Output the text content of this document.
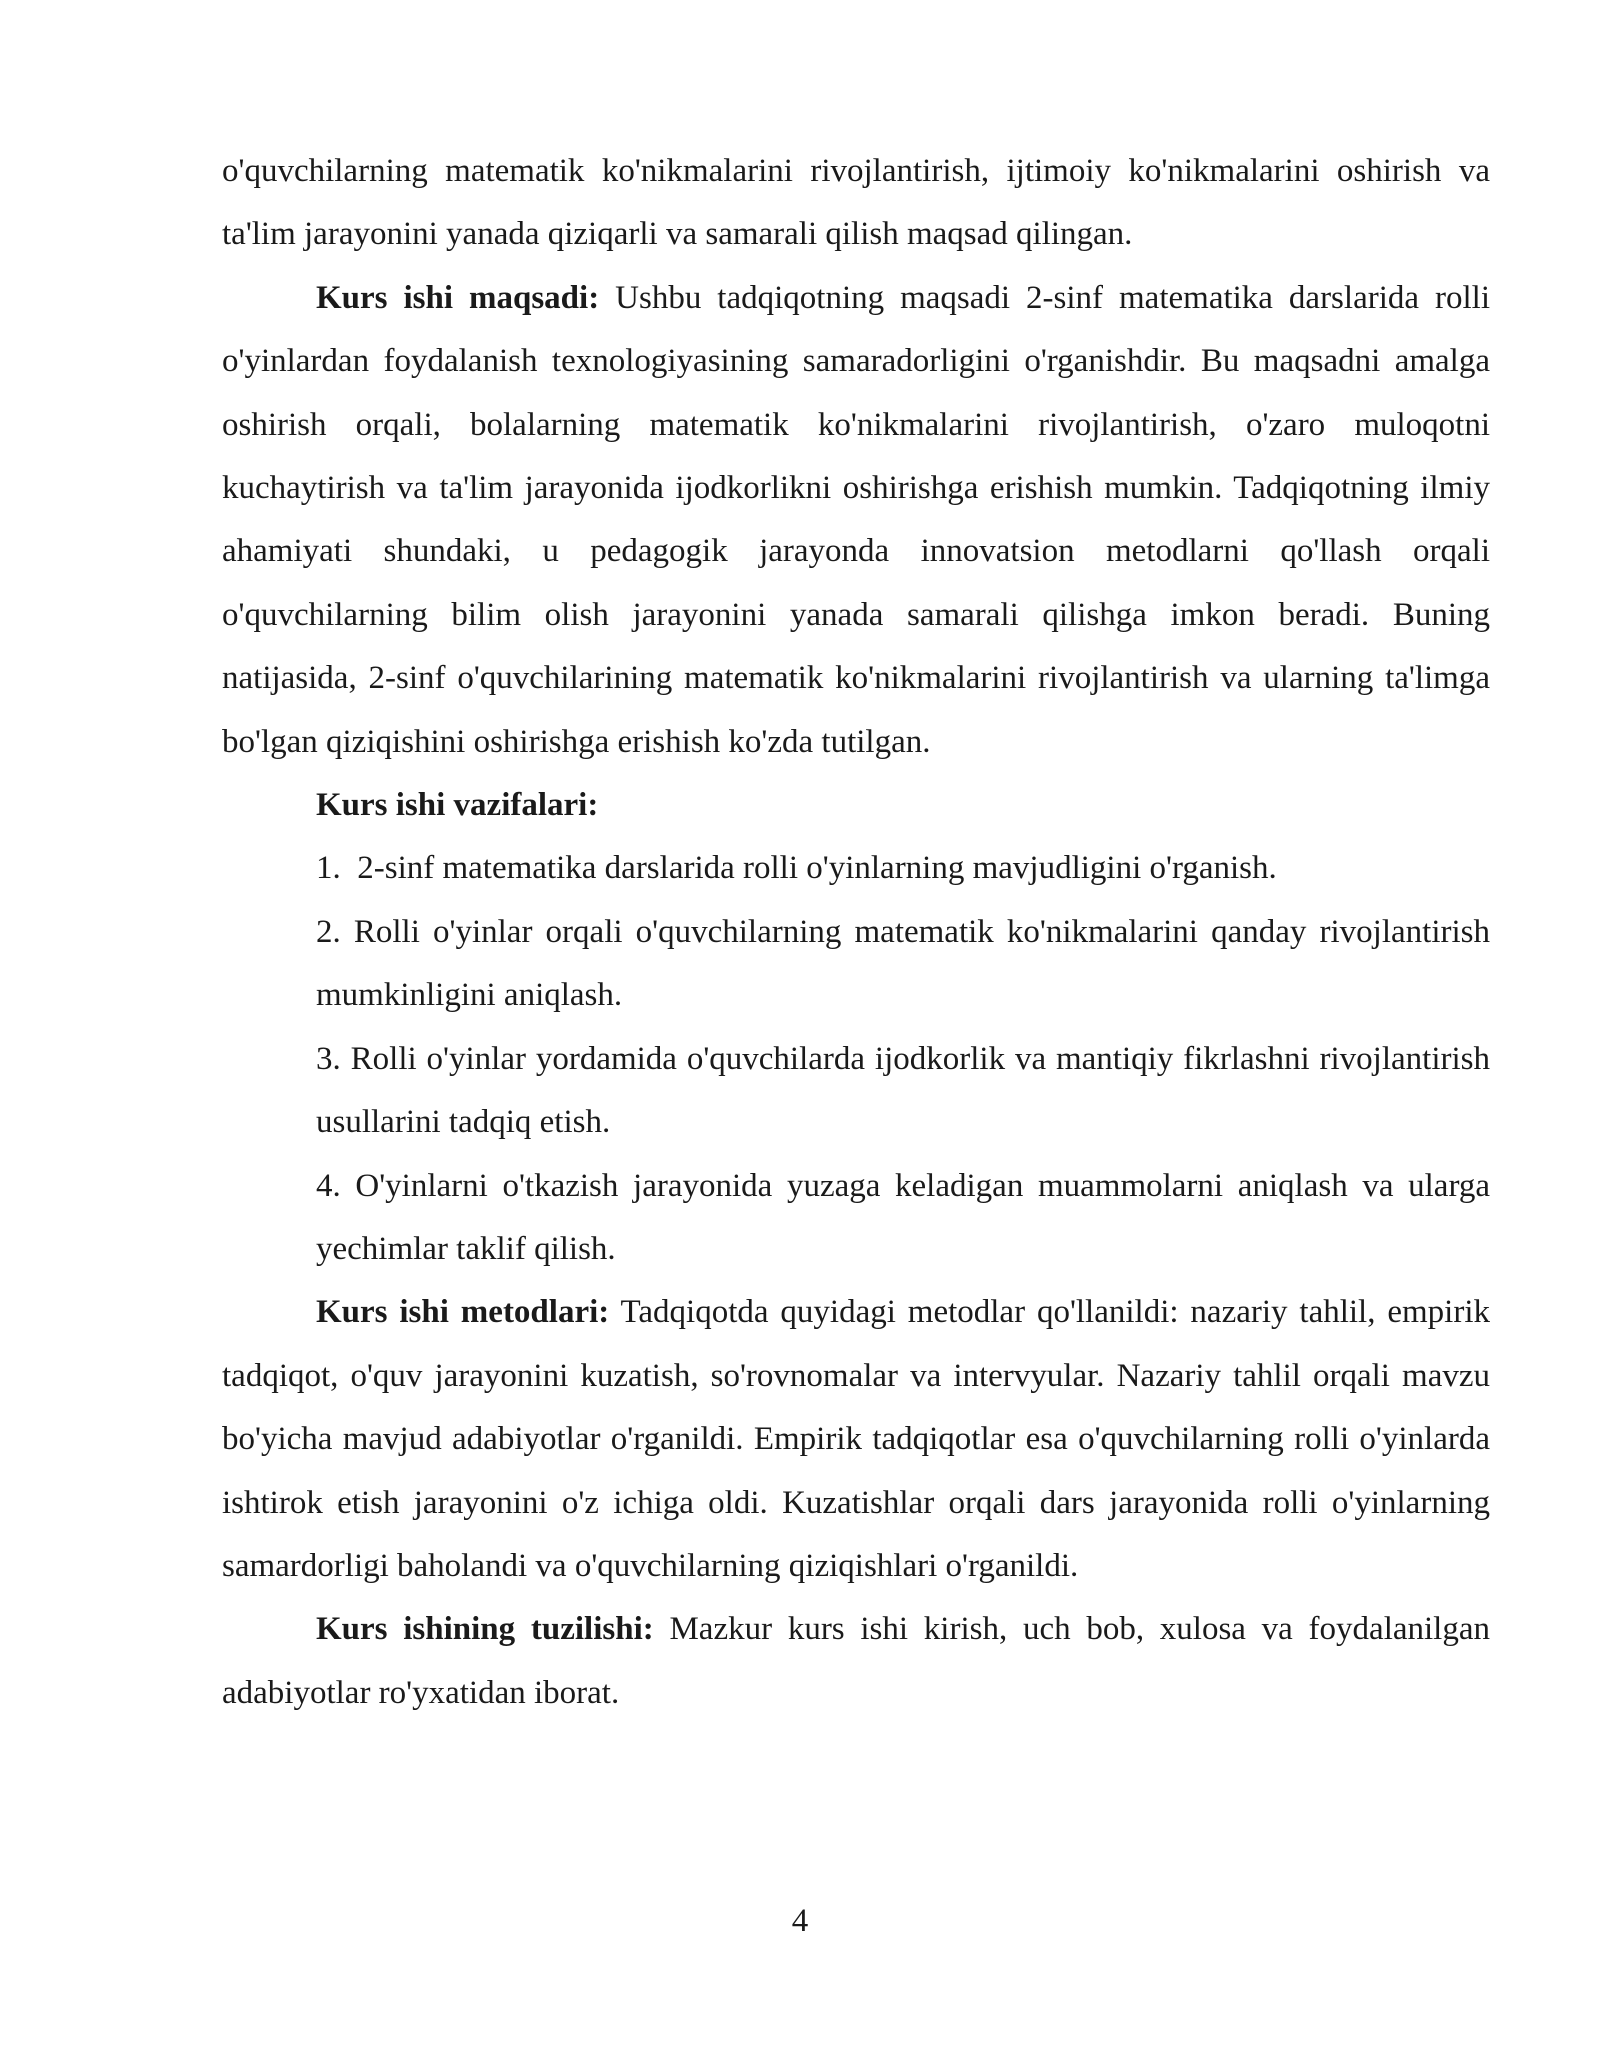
o'quvchilarning matematik ko'nikmalarini rivojlantirish, ijtimoiy ko'nikmalarini oshirish va ta'lim jarayonini yanada qiziqarli va samarali qilish maqsad qilingan.

Kurs ishi maqsadi: Ushbu tadqiqotning maqsadi 2-sinf matematika darslarida rolli o'yinlardan foydalanish texnologiyasining samaradorligini o'rganishdir. Bu maqsadni amalga oshirish orqali, bolalarning matematik ko'nikmalarini rivojlantirish, o'zaro muloqotni kuchaytirish va ta'lim jarayonida ijodkorlikni oshirishga erishish mumkin. Tadqiqotning ilmiy ahamiyati shundaki, u pedagogik jarayonda innovatsion metodlarni qo'llash orqali o'quvchilarning bilim olish jarayonini yanada samarali qilishga imkon beradi. Buning natijasida, 2-sinf o'quvchilarining matematik ko'nikmalarini rivojlantirish va ularning ta'limga bo'lgan qiziqishini oshirishga erishish ko'zda tutilgan.

Kurs ishi vazifalari:

1. 2-sinf matematika darslarida rolli o'yinlarning mavjudligini o'rganish.
2. Rolli o'yinlar orqali o'quvchilarning matematik ko'nikmalarini qanday rivojlantirish mumkinligini aniqlash.
3. Rolli o'yinlar yordamida o'quvchilarda ijodkorlik va mantiqiy fikrlashni rivojlantirish usullarini tadqiq etish.
4. O'yinlarni o'tkazish jarayonida yuzaga keladigan muammolarni aniqlash va ularga yechimlar taklif qilish.

Kurs ishi metodlari: Tadqiqotda quyidagi metodlar qo'llanildi: nazariy tahlil, empirik tadqiqot, o'quv jarayonini kuzatish, so'rovnomalar va intervyular. Nazariy tahlil orqali mavzu bo'yicha mavjud adabiyotlar o'rganildi. Empirik tadqiqotlar esa o'quvchilarning rolli o'yinlarda ishtirok etish jarayonini o'z ichiga oldi. Kuzatishlar orqali dars jarayonida rolli o'yinlarning samardorligi baholandi va o'quvchilarning qiziqishlari o'rganildi.

Kurs ishining tuzilishi: Mazkur kurs ishi kirish, uch bob, xulosa va foydalanilgan adabiyotlar ro'yxatidan iborat.

4
